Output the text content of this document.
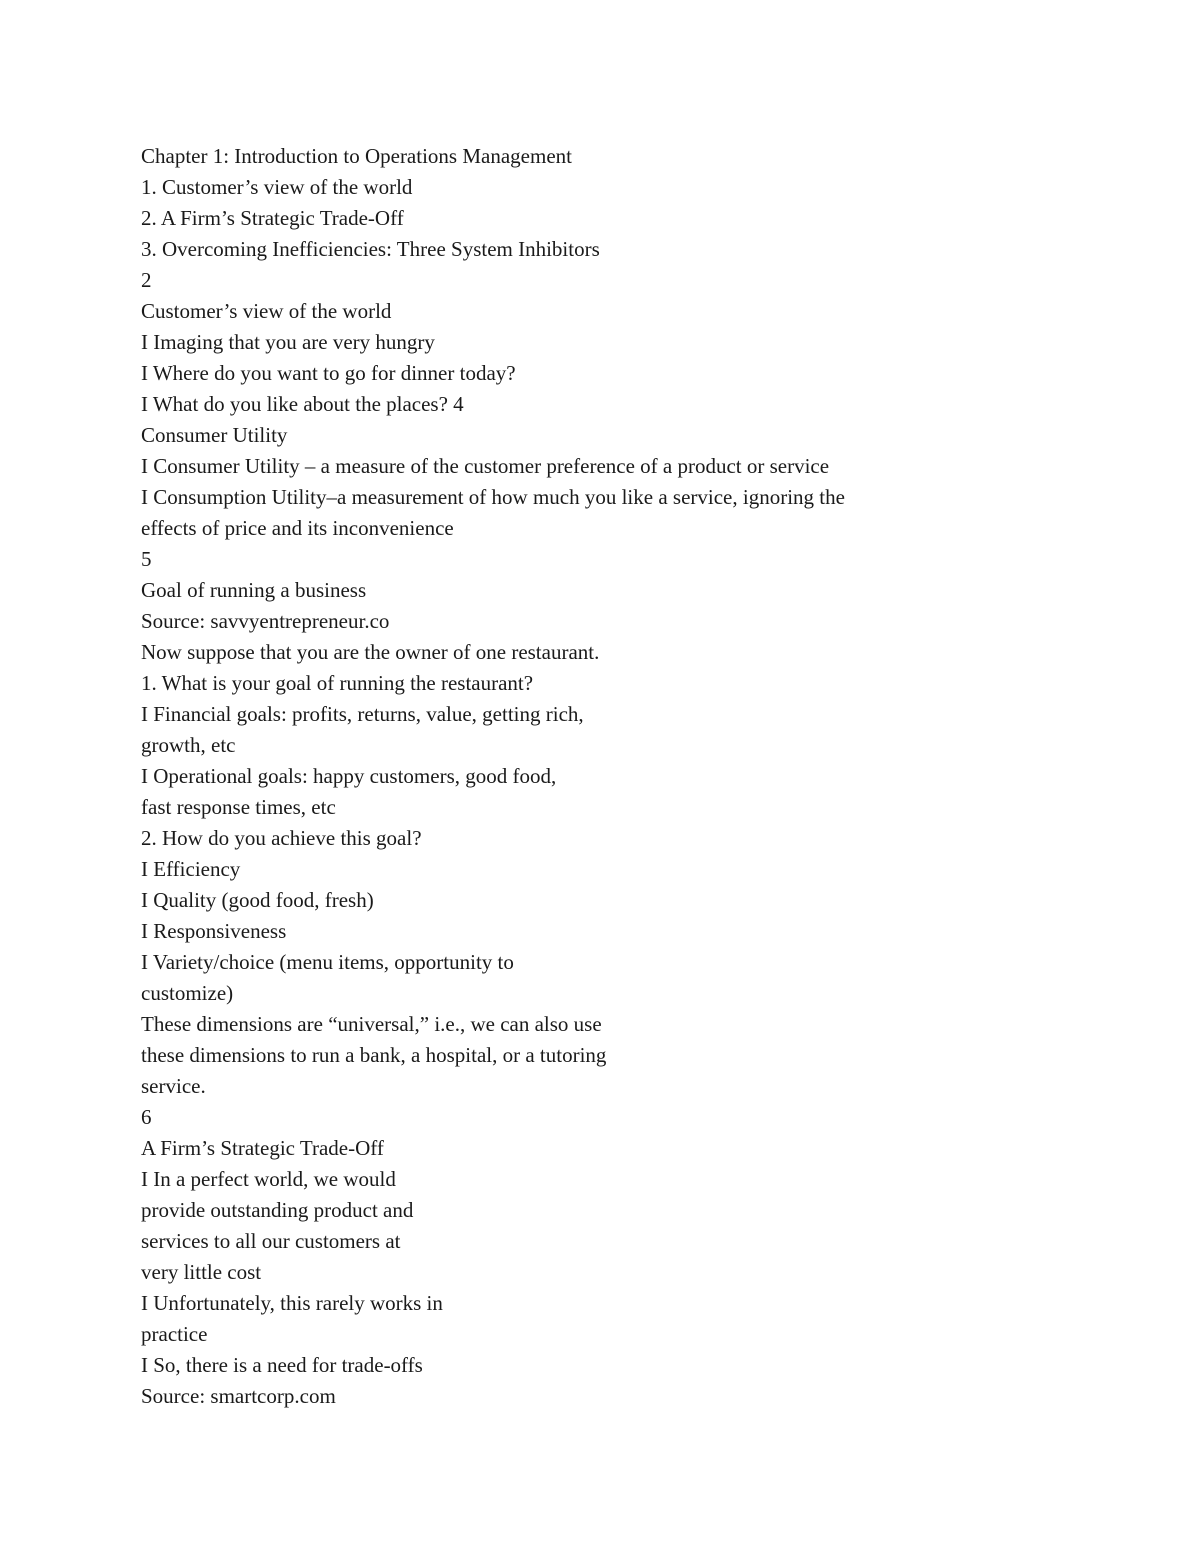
Chapter 1: Introduction to Operations Management
1. Customer’s view of the world
2. A Firm’s Strategic Trade-Off
3. Overcoming Inefficiencies: Three System Inhibitors
2
Customer’s view of the world
I Imaging that you are very hungry
I Where do you want to go for dinner today?
I What do you like about the places? 4
Consumer Utility
I Consumer Utility – a measure of the customer preference of a product or service
I Consumption Utility–a measurement of how much you like a service, ignoring the
effects of price and its inconvenience
5
Goal of running a business
Source: savvyentrepreneur.co
Now suppose that you are the owner of one restaurant.
1. What is your goal of running the restaurant?
I Financial goals: profits, returns, value, getting rich,
growth, etc
I Operational goals: happy customers, good food,
fast response times, etc
2. How do you achieve this goal?
I Efficiency
I Quality (good food, fresh)
I Responsiveness
I Variety/choice (menu items, opportunity to
customize)
These dimensions are “universal,” i.e., we can also use
these dimensions to run a bank, a hospital, or a tutoring
service.
6
A Firm’s Strategic Trade-Off
I In a perfect world, we would
provide outstanding product and
services to all our customers at
very little cost
I Unfortunately, this rarely works in
practice
I So, there is a need for trade-offs
Source: smartcorp.com
